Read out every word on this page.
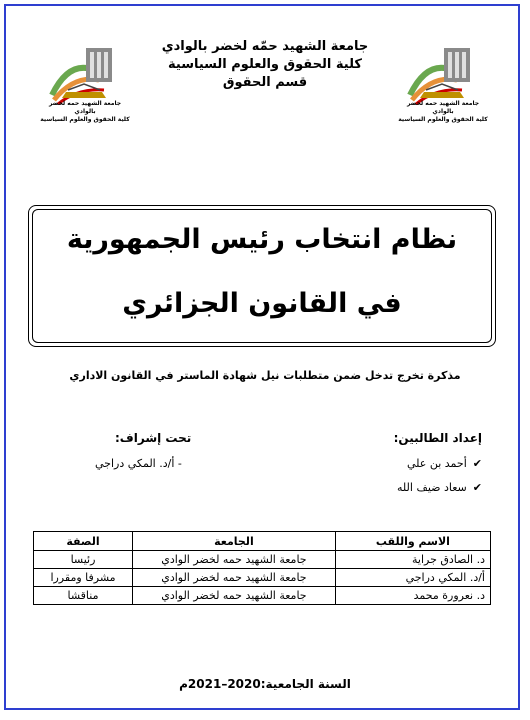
جامعة الشهيد حمه لخضر بالوادي
كلية الحقوق والعلوم السياسية
جامعة الشهيد حمه لخضر بالوادي
كلية الحقوق والعلوم السياسية
جامعة الشهيد حمّه لخضر بالوادي
كلية الحقوق والعلوم السياسية
قسم الحقوق
نظام انتخاب رئيس الجمهورية
في القانون الجزائري
مذكرة تخرج تدخل ضمن متطلبات نيل شهادة الماستر في القانون الاداري
إعداد الطالبين:
✔أحمد بن علي
✔سعاد ضيف الله
تحت إشراف:
- أ/د. المكي دراجي
الاسم واللقب	الجامعة	الصفة
د. الصادق جراية	جامعة الشهيد حمه لخضر الوادي	رئيسا
أ/د. المكي دراجي	جامعة الشهيد حمه لخضر الوادي	مشرفا ومقررا
د. نعرورة محمد	جامعة الشهيد حمه لخضر الوادي	مناقشا
السنة الجامعية:2020–2021م
